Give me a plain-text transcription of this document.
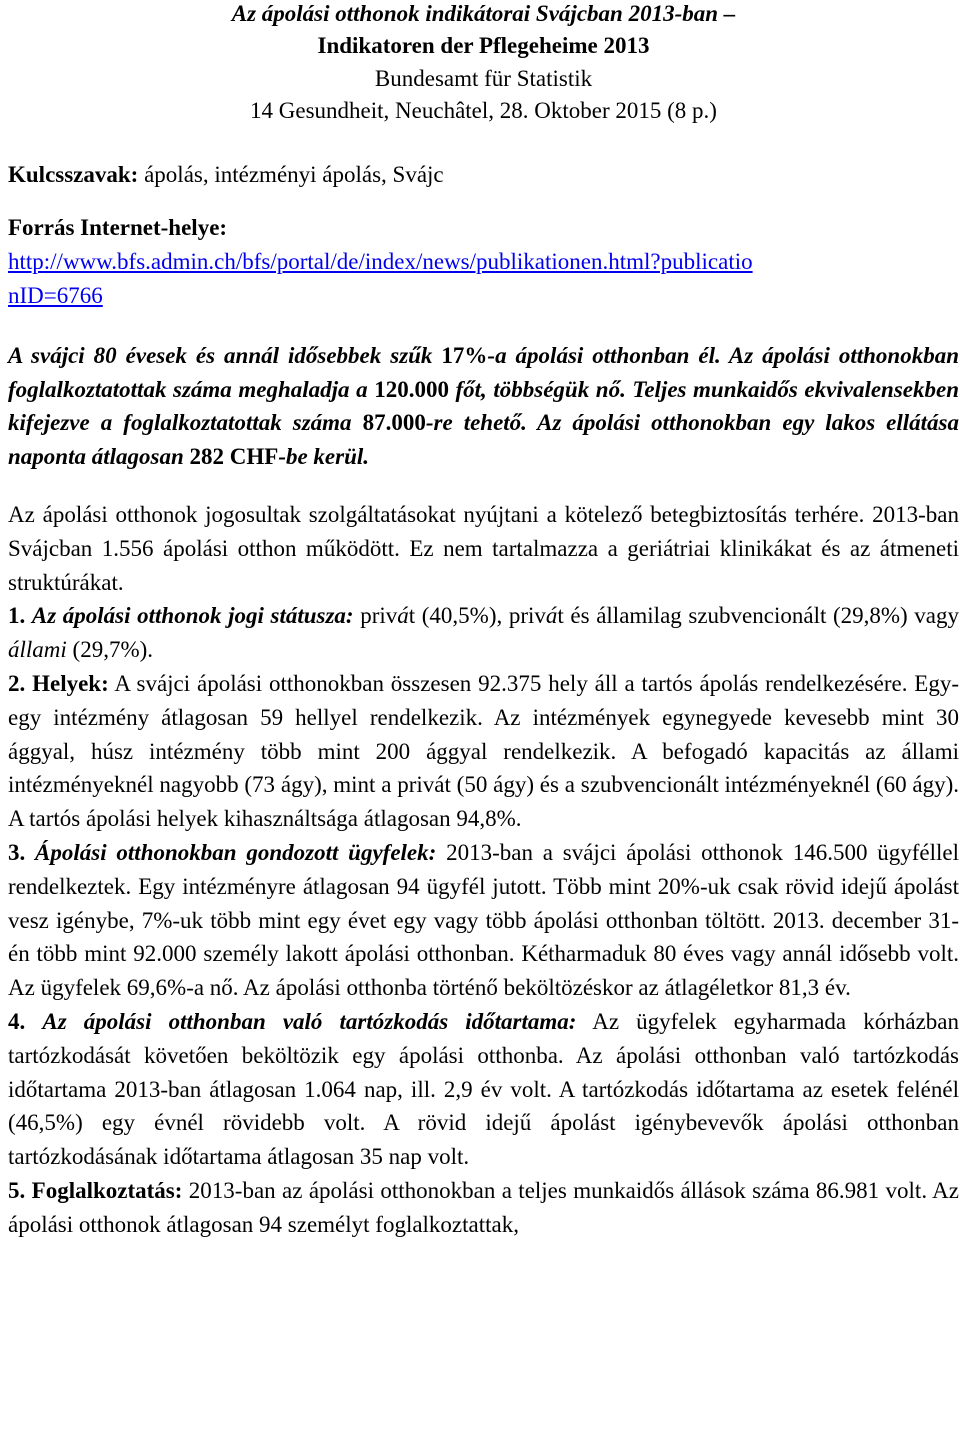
Az ápolási otthonok indikátorai Svájcban 2013-ban –
Indikatoren der Pflegeheime 2013
Bundesamt für Statistik
14 Gesundheit, Neuchâtel, 28. Oktober 2015 (8 p.)
Kulcsszavak: ápolás, intézményi ápolás, Svájc
Forrás Internet-helye:
http://www.bfs.admin.ch/bfs/portal/de/index/news/publikationen.html?publicatio
nID=6766

A svájci 80 évesek és annál idősebbek szűk 17%-a ápolási otthonban él. Az ápolási otthonokban foglalkoztatottak száma meghaladja a 120.000 főt, többségük nő. Teljes munkaidős ekvivalensekben kifejezve a foglalkoztatottak száma 87.000-re tehető. Az ápolási otthonokban egy lakos ellátása naponta átlagosan 282 CHF-be kerül.

Az ápolási otthonok jogosultak szolgáltatásokat nyújtani a kötelező betegbiztosítás terhére. 2013-ban Svájcban 1.556 ápolási otthon működött. Ez nem tartalmazza a geriátriai klinikákat és az átmeneti struktúrákat.

1. Az ápolási otthonok jogi státusza: privát (40,5%), privát és államilag szubvencionált (29,8%) vagy állami (29,7%).

2. Helyek: A svájci ápolási otthonokban összesen 92.375 hely áll a tartós ápolás rendelkezésére. Egy-egy intézmény átlagosan 59 hellyel rendelkezik. Az intézmények egynegyede kevesebb mint 30 ággyal, húsz intézmény több mint 200 ággyal rendelkezik. A befogadó kapacitás az állami intézményeknél nagyobb (73 ágy), mint a privát (50 ágy) és a szubvencionált intézményeknél (60 ágy). A tartós ápolási helyek kihasználtsága átlagosan 94,8%.

3. Ápolási otthonokban gondozott ügyfelek: 2013-ban a svájci ápolási otthonok 146.500 ügyféllel rendelkeztek. Egy intézményre átlagosan 94 ügyfél jutott. Több mint 20%-uk csak rövid idejű ápolást vesz igénybe, 7%-uk több mint egy évet egy vagy több ápolási otthonban töltött. 2013. december 31-én több mint 92.000 személy lakott ápolási otthonban. Kétharmaduk 80 éves vagy annál idősebb volt. Az ügyfelek 69,6%-a nő. Az ápolási otthonba történő beköltözéskor az átlagéletkor 81,3 év.

4. Az ápolási otthonban való tartózkodás időtartama: Az ügyfelek egyharmada kórházban tartózkodását követően beköltözik egy ápolási otthonba. Az ápolási otthonban való tartózkodás időtartama 2013-ban átlagosan 1.064 nap, ill. 2,9 év volt. A tartózkodás időtartama az esetek felénél (46,5%) egy évnél rövidebb volt. A rövid idejű ápolást igénybevevők ápolási otthonban tartózkodásának időtartama átlagosan 35 nap volt.

5. Foglalkoztatás: 2013-ban az ápolási otthonokban a teljes munkaidős állások száma 86.981 volt. Az ápolási otthonok átlagosan 94 személyt foglalkoztattak,
